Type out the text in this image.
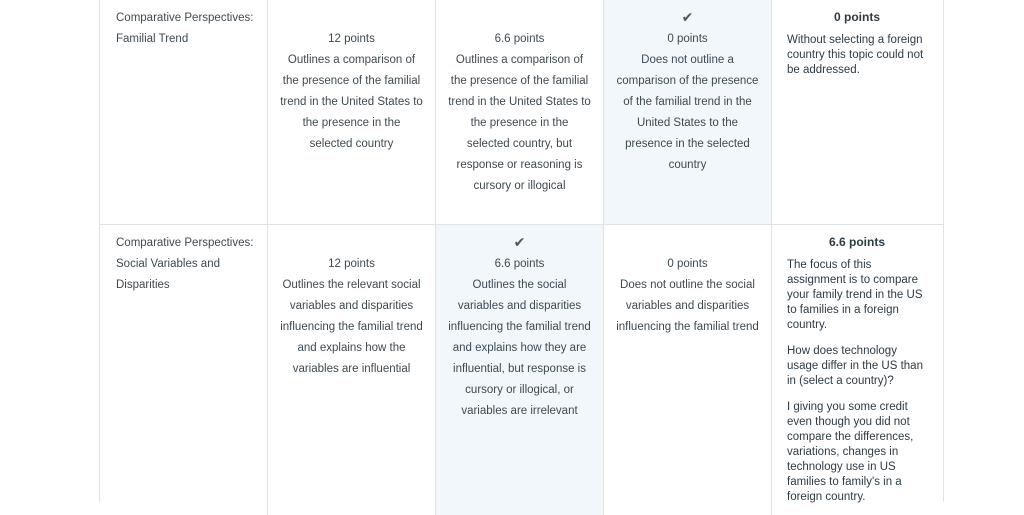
Comparative Perspectives: Familial Trend	12 points
Outlines a comparison of the presence of the familial trend in the United States to the presence in the selected country
6.6 points
Outlines a comparison of the presence of the familial trend in the United States to the presence in the selected country, but response or reasoning is cursory or illogical
✔
0 points
Does not outline a comparison of the presence of the familial trend in the United States to the presence in the selected country
0 points

Without selecting a foreign country this topic could not be addressed.

Comparative Perspectives: Social Variables and Disparities
12 points
Outlines the relevant social variables and disparities influencing the familial trend and explains how the variables are influential
✔
6.6 points
Outlines the social variables and disparities influencing the familial trend and explains how they are influential, but response is cursory or illogical, or variables are irrelevant
0 points
Does not outline the social variables and disparities influencing the familial trend
6.6 points

The focus of this assignment is to compare your family trend in the US to families in a foreign country.

How does technology usage differ in the US than in (select a country)?

I giving you some credit even though you did not compare the differences, variations, changes in technology use in US families to family's in a foreign country.
